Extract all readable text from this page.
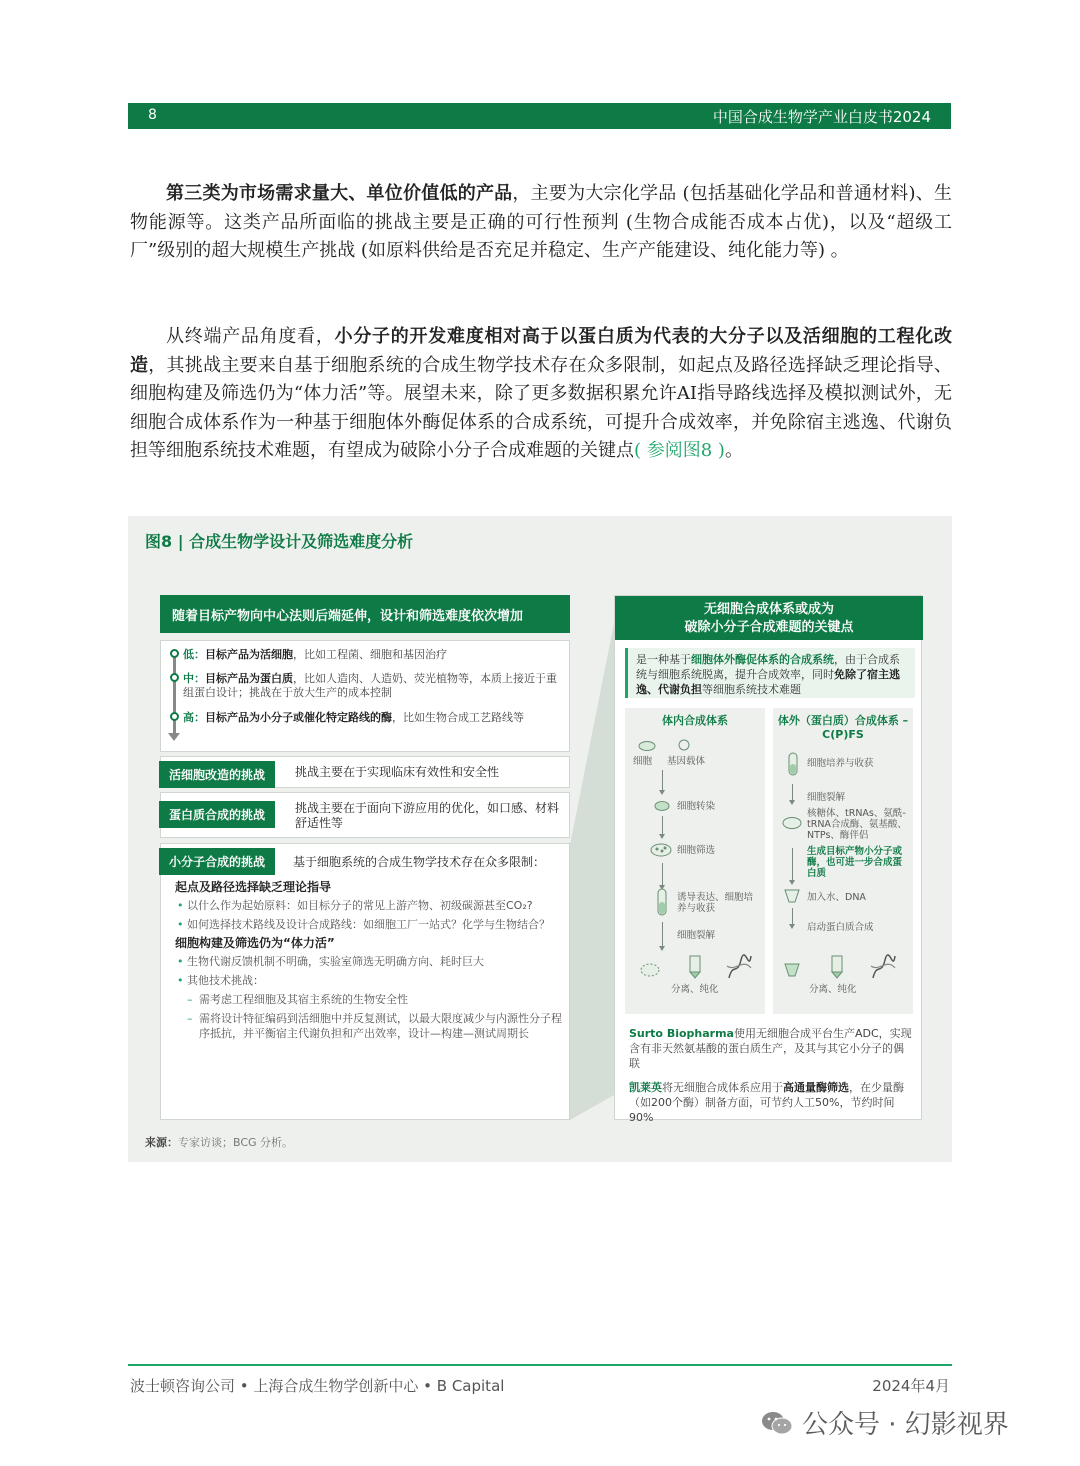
8	中国合成生物学产业白皮书2024

第三类为市场需求量大、单位价值低的产品，主要为大宗化学品 (包括基础化学品和普通材料)、生物能源等。这类产品所面临的挑战主要是正确的可行性预判 (生物合成能否成本占优)，以及“超级工厂”级别的超大规模生产挑战 (如原料供给是否充足并稳定、生产产能建设、纯化能力等) 。

从终端产品角度看，小分子的开发难度相对高于以蛋白质为代表的大分子以及活细胞的工程化改造，其挑战主要来自基于细胞系统的合成生物学技术存在众多限制，如起点及路径选择缺乏理论指导、细胞构建及筛选仍为“体力活”等。展望未来，除了更多数据积累允许AI指导路线选择及模拟测试外，无细胞合成体系作为一种基于细胞体外酶促体系的合成系统，可提升合成效率，并免除宿主逃逸、代谢负担等细胞系统技术难题，有望成为破除小分子合成难题的关键点( 参阅图8 )。

图8 | 合成生物学设计及筛选难度分析
随着目标产物向中心法则后端延伸，设计和筛选难度依次增加
低：目标产品为活细胞，比如工程菌、细胞和基因治疗
中：目标产品为蛋白质，比如人造肉、人造奶、荧光植物等，本质上接近于重组蛋白设计；挑战在于放大生产的成本控制
高：目标产品为小分子或催化特定路线的酶，比如生物合成工艺路线等
活细胞改造的挑战	挑战主要在于实现临床有效性和安全性
蛋白质合成的挑战	挑战主要在于面向下游应用的优化，如口感、材料舒适性等
小分子合成的挑战	基于细胞系统的合成生物学技术存在众多限制：
起点及路径选择缺乏理论指导
• 以什么作为起始原料：如目标分子的常见上游产物、初级碳源甚至CO₂?
• 如何选择技术路线及设计合成路线：如细胞工厂一站式？化学与生物结合？
细胞构建及筛选仍为“体力活”
• 生物代谢反馈机制不明确，实验室筛选无明确方向、耗时巨大
• 其他技术挑战：
– 需考虑工程细胞及其宿主系统的生物安全性
– 需将设计特征编码到活细胞中并反复测试，以最大限度减少与内源性分子程序抵抗，并平衡宿主代谢负担和产出效率，设计—构建—测试周期长
无细胞合成体系或成为
破除小分子合成难题的关键点
是一种基于细胞体外酶促体系的合成系统，由于合成系统与细胞系统脱离，提升合成效率，同时免除了宿主逃逸、代谢负担等细胞系统技术难题
体内合成体系
细胞 基因载体
细胞转染
细胞筛选
诱导表达、细胞培养与收获
细胞裂解
分离、纯化
体外（蛋白质）合成体系 – C(P)FS
细胞培养与收获
细胞裂解
核糖体、tRNAs、氨酰-tRNA合成酶、氨基酸、NTPs、酶伴侣
生成目标产物小分子或酶，也可进一步合成蛋白质
加入水、DNA
启动蛋白质合成
分离、纯化
Surto Biopharma使用无细胞合成平台生产ADC，实现含有非天然氨基酸的蛋白质生产，及其与其它小分子的偶联
凯莱英将无细胞合成体系应用于高通量酶筛选，在少量酶（如200个酶）制备方面，可节约人工50%，节约时间90%
来源：专家访谈；BCG 分析。
波士顿咨询公司 • 上海合成生物学创新中心 • B Capital	2024年4月
公众号 · 幻影视界
